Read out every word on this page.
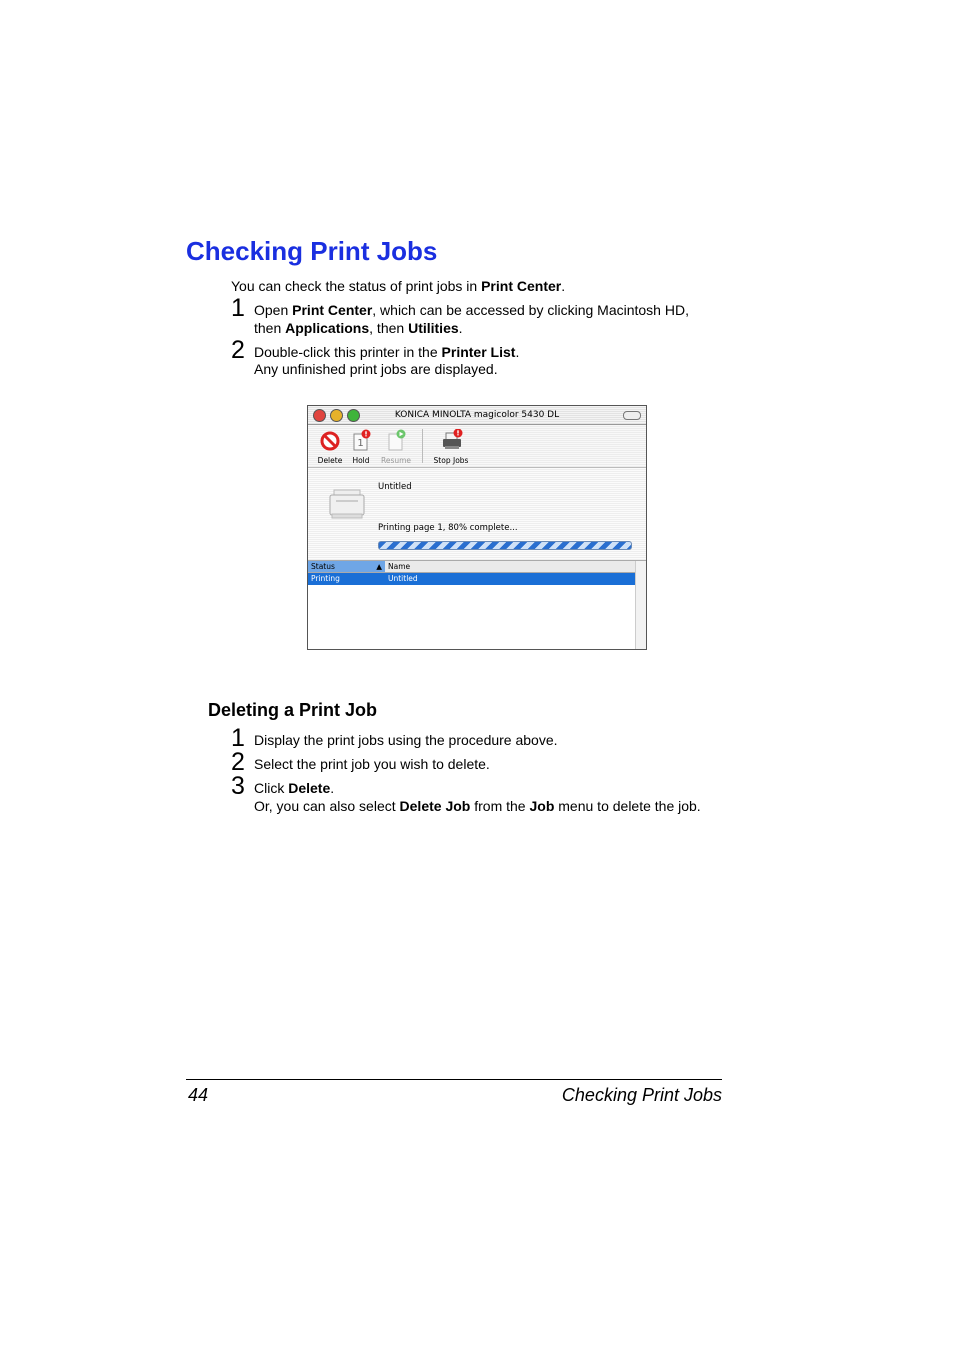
Checking Print Jobs
You can check the status of print jobs in Print Center.
1 Open Print Center, which can be accessed by clicking Macintosh HD,
then Applications, then Utilities.
2 Double-click this printer in the Printer List.
Any unfinished print jobs are displayed.
KONICA MINOLTA magicolor 5430 DL
Delete
1
Hold	Resume	Stop Jobs
Untitled
Printing page 1, 80% complete...
Status	▲ Name
Printing	Untitled
Deleting a Print Job
1 Display the print jobs using the procedure above.
2 Select the print job you wish to delete.
3 Click Delete.
Or, you can also select Delete Job from the Job menu to delete the job.
44	Checking Print Jobs
